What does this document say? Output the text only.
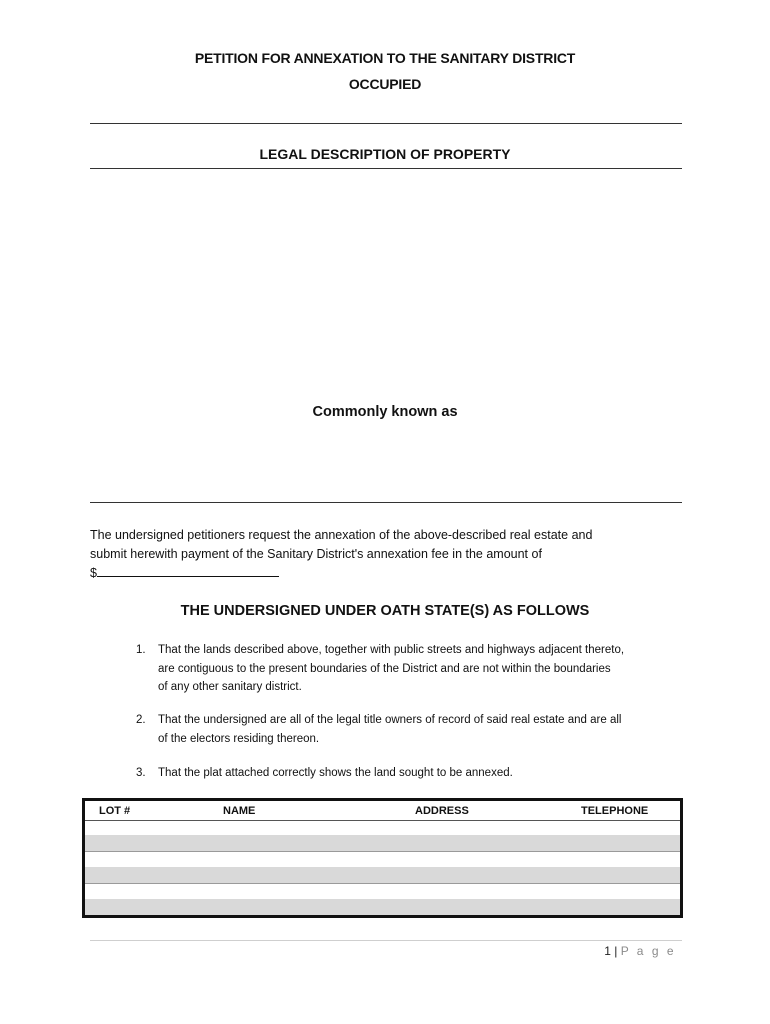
PETITION FOR ANNEXATION TO THE SANITARY DISTRICT
OCCUPIED
LEGAL DESCRIPTION OF PROPERTY
Commonly known as
The undersigned petitioners request the annexation of the above-described real estate and
submit herewith payment of the Sanitary District's annexation fee in the amount of
$
THE UNDERSIGNED UNDER OATH STATE(S) AS FOLLOWS
1.	That the lands described above, together with public streets and highways adjacent thereto,
are contiguous to the present boundaries of the District and are not within the boundaries
of any other sanitary district.
2.	That the undersigned are all of the legal title owners of record of said real estate and are all
of the electors residing thereon.
3.	That the plat attached correctly shows the land sought to be annexed.
LOT #	NAME	ADDRESS	TELEPHONE
1 | P a g e
